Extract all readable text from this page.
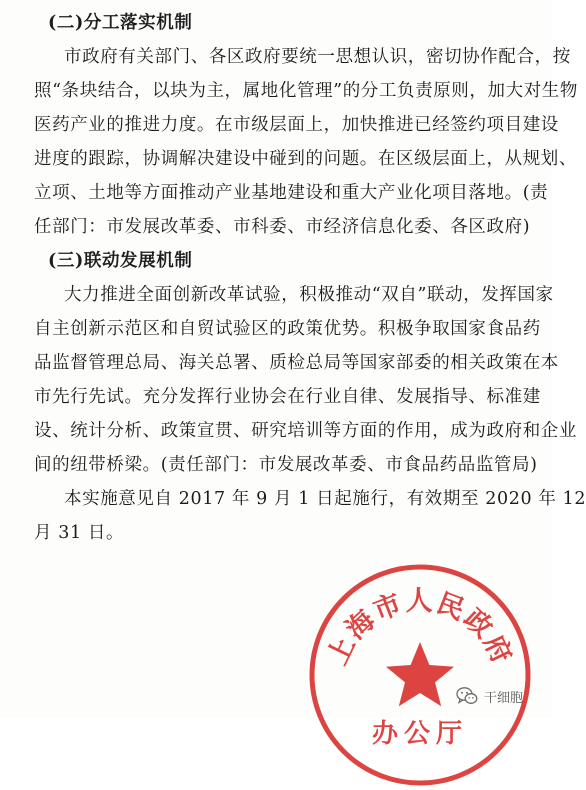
(二)分工落实机制
市政府有关部门、各区政府要统一思想认识，密切协作配合，按
照“条块结合，以块为主，属地化管理”的分工负责原则，加大对生物
医药产业的推进力度。在市级层面上，加快推进已经签约项目建设
进度的跟踪，协调解决建设中碰到的问题。在区级层面上，从规划、
立项、土地等方面推动产业基地建设和重大产业化项目落地。(责
任部门：市发展改革委、市科委、市经济信息化委、各区政府)
(三)联动发展机制
大力推进全面创新改革试验，积极推动“双自”联动，发挥国家
自主创新示范区和自贸试验区的政策优势。积极争取国家食品药
品监督管理总局、海关总署、质检总局等国家部委的相关政策在本
市先行先试。充分发挥行业协会在行业自律、发展指导、标准建
设、统计分析、政策宣贯、研究培训等方面的作用，成为政府和企业
间的纽带桥梁。(责任部门：市发展改革委、市食品药品监管局)
本实施意见自 2017 年 9 月 1 日起施行，有效期至 2020 年 12
月 31 日。
上海市人民政府
办公厅
干细胞
